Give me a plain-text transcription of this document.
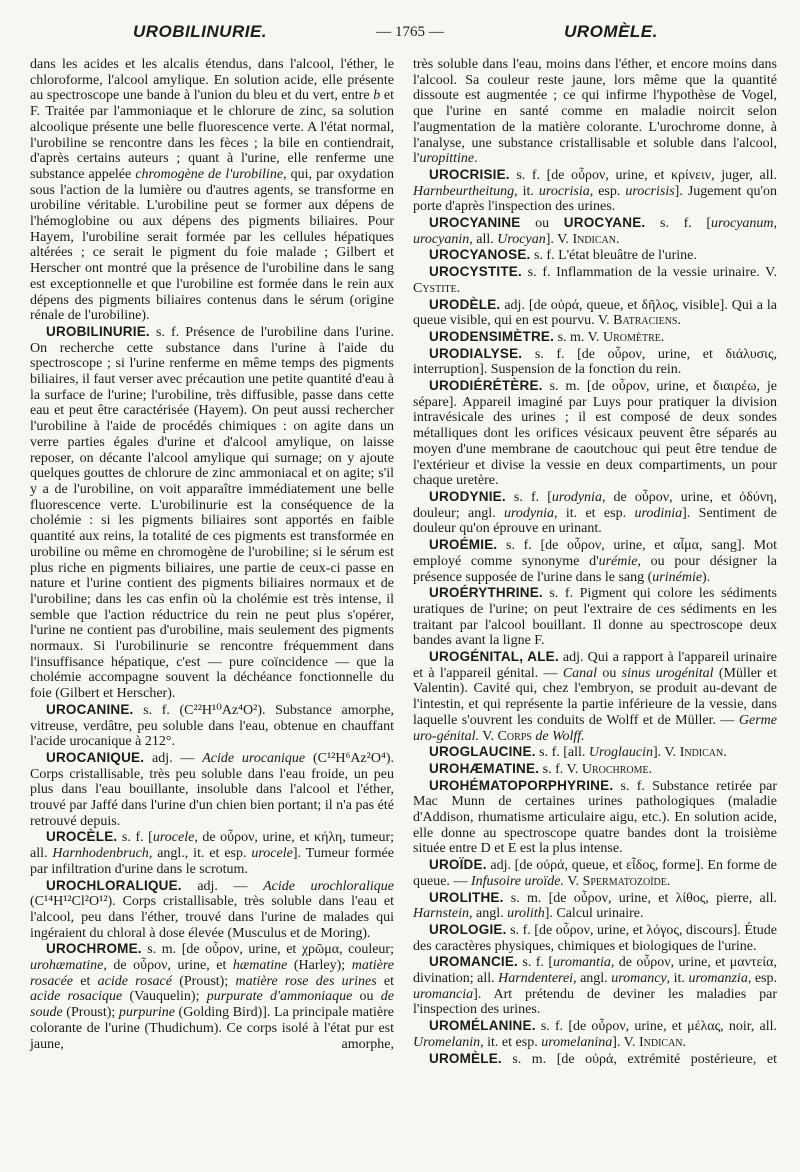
UROBILINURIE.	— 1765 —	UROMÈLE.

dans les acides et les alcalis étendus, dans l'alcool, l'éther, le chloroforme, l'alcool amylique. En solution acide, elle présente au spectroscope une bande à l'union du bleu et du vert, entre b et F. Traitée par l'ammoniaque et le chlorure de zinc, sa solution alcoolique présente une belle fluorescence verte. A l'état normal, l'urobiline se rencontre dans les fèces ; la bile en contiendrait, d'après certains auteurs ; quant à l'urine, elle renferme une substance appelée chromogène de l'urobiline, qui, par oxydation sous l'action de la lumière ou d'autres agents, se transforme en urobiline véritable. L'urobiline peut se former aux dépens de l'hémoglobine ou aux dépens des pigments biliaires. Pour Hayem, l'urobiline serait formée par les cellules hépatiques altérées ; ce serait le pigment du foie malade ; Gilbert et Herscher ont montré que la présence de l'urobiline dans le sang est exceptionnelle et que l'urobiline est formée dans le rein aux dépens des pigments biliaires contenus dans le sérum (origine rénale de l'urobiline).

UROBILINURIE. s. f. Présence de l'urobiline dans l'urine. On recherche cette substance dans l'urine à l'aide du spectroscope ; si l'urine renferme en même temps des pigments biliaires, il faut verser avec précaution une petite quantité d'eau à la surface de l'urine; l'urobiline, très diffusible, passe dans cette eau et peut être caractérisée (Hayem). On peut aussi rechercher l'urobiline à l'aide de procédés chimiques : on agite dans un verre parties égales d'urine et d'alcool amylique, on laisse reposer, on décante l'alcool amylique qui surnage; on y ajoute quelques gouttes de chlorure de zinc ammoniacal et on agite; s'il y a de l'urobiline, on voit apparaître immédiatement une belle fluorescence verte. L'urobilinurie est la conséquence de la cholémie : si les pigments biliaires sont apportés en faible quantité aux reins, la totalité de ces pigments est transformée en urobiline ou même en chromogène de l'urobiline; si le sérum est plus riche en pigments biliaires, une partie de ceux-ci passe en nature et l'urine contient des pigments biliaires normaux et de l'urobiline; dans les cas enfin où la cholémie est très intense, il semble que l'action réductrice du rein ne peut plus s'opérer, l'urine ne contient pas d'urobiline, mais seulement des pigments normaux. Si l'urobilinurie se rencontre fréquemment dans l'insuffisance hépatique, c'est — pure coïncidence — que la cholémie accompagne souvent la déchéance fonctionnelle du foie (Gilbert et Herscher).

UROCANINE. s. f. (C²²H¹⁰Az⁴O²). Substance amorphe, vitreuse, verdâtre, peu soluble dans l'eau, obtenue en chauffant l'acide urocanique à 212°.

UROCANIQUE. adj. — Acide urocanique (C¹²H⁶Az²O⁴). Corps cristallisable, très peu soluble dans l'eau froide, un peu plus dans l'eau bouillante, insoluble dans l'alcool et l'éther, trouvé par Jaffé dans l'urine d'un chien bien portant; il n'a pas été retrouvé depuis.

UROCÈLE. s. f. [urocele, de οὖρον, urine, et κήλη, tumeur; all. Harnhodenbruch, angl., it. et esp. urocele]. Tumeur formée par infiltration d'urine dans le scrotum.

UROCHLORALIQUE. adj. — Acide urochloralique (C¹⁴H¹²Cl²O¹²). Corps cristallisable, très soluble dans l'eau et l'alcool, peu dans l'éther, trouvé dans l'urine de malades qui ingéraient du chloral à dose élevée (Musculus et de Moring).

UROCHROME. s. m. [de οὖρον, urine, et χρῶμα, couleur; urohæmatine, de οὖρον, urine, et hæmatine (Harley); matière rosacée et acide rosacé (Proust); matière rose des urines et acide rosacique (Vauquelin); purpurate d'ammoniaque ou de soude (Proust); purpurine (Golding Bird)]. La principale matière colorante de l'urine (Thudichum). Ce corps isolé à l'état pur est jaune, amorphe,

très soluble dans l'eau, moins dans l'éther, et encore moins dans l'alcool. Sa couleur reste jaune, lors même que la quantité dissoute est augmentée ; ce qui infirme l'hypothèse de Vogel, que l'urine en santé comme en maladie noircit selon l'augmentation de la matière colorante. L'urochrome donne, à l'analyse, une substance cristallisable et soluble dans l'alcool, l'uropittine.

UROCRISIE. s. f. [de οὖρον, urine, et κρίνειν, juger, all. Harnbeurtheitung, it. urocrisia, esp. urocrisis]. Jugement qu'on porte d'après l'inspection des urines.

UROCYANINE ou UROCYANE. s. f. [urocyanum, urocyanin, all. Urocyan]. V. Indican.

UROCYANOSE. s. f. L'état bleuâtre de l'urine.

UROCYSTITE. s. f. Inflammation de la vessie urinaire. V. Cystite.

URODÈLE. adj. [de οὐρά, queue, et δῆλος, visible]. Qui a la queue visible, qui en est pourvu. V. Batraciens.

URODENSIMÈTRE. s. m. V. Uromètre.

URODIALYSE. s. f. [de οὖρον, urine, et διάλυσις, interruption]. Suspension de la fonction du rein.

URODIÉRÉTÈRE. s. m. [de οὖρον, urine, et διαιρέω, je sépare]. Appareil imaginé par Luys pour pratiquer la division intravésicale des urines ; il est composé de deux sondes métalliques dont les orifices vésicaux peuvent être séparés au moyen d'une membrane de caoutchouc qui peut être tendue de l'extérieur et divise la vessie en deux compartiments, un pour chaque uretère.

URODYNIE. s. f. [urodynia, de οὖρον, urine, et ὀδύνη, douleur; angl. urodynia, it. et esp. urodinia]. Sentiment de douleur qu'on éprouve en urinant.

UROÉMIE. s. f. [de οὖρον, urine, et αἷμα, sang]. Mot employé comme synonyme d'urémie, ou pour désigner la présence supposée de l'urine dans le sang (urinémie).

UROÉRYTHRINE. s. f. Pigment qui colore les sédiments uratiques de l'urine; on peut l'extraire de ces sédiments en les traitant par l'alcool bouillant. Il donne au spectroscope deux bandes avant la ligne F.

UROGÉNITAL, ALE. adj. Qui a rapport à l'appareil urinaire et à l'appareil génital. — Canal ou sinus urogénital (Müller et Valentin). Cavité qui, chez l'embryon, se produit au-devant de l'intestin, et qui représente la partie inférieure de la vessie, dans laquelle s'ouvrent les conduits de Wolff et de Müller. — Germe uro-génital. V. Corps de Wolff.

UROGLAUCINE. s. f. [all. Uroglaucin]. V. Indican.

UROHÆMATINE. s. f. V. Urochrome.

UROHÉMATOPORPHYRINE. s. f. Substance retirée par Mac Munn de certaines urines pathologiques (maladie d'Addison, rhumatisme articulaire aigu, etc.). En solution acide, elle donne au spectroscope quatre bandes dont la troisième située entre D et E est la plus intense.

UROÏDE. adj. [de οὐρά, queue, et εἶδος, forme]. En forme de queue. — Infusoire uroïde. V. Spermatozoïde.

UROLITHE. s. m. [de οὖρον, urine, et λίθος, pierre, all. Harnstein, angl. urolith]. Calcul urinaire.

UROLOGIE. s. f. [de οὖρον, urine, et λόγος, discours]. Étude des caractères physiques, chimiques et biologiques de l'urine.

UROMANCIE. s. f. [uromantia, de οὖρον, urine, et μαντεία, divination; all. Harndenterei, angl. uromancy, it. uromanzia, esp. uromancia]. Art prétendu de deviner les maladies par l'inspection des urines.

UROMÉLANINE. s. f. [de οὖρον, urine, et μέλας, noir, all. Uromelanin, it. et esp. uromelanina]. V. Indican.

UROMÈLE. s. m. [de οὐρά, extrémité postérieure, et
